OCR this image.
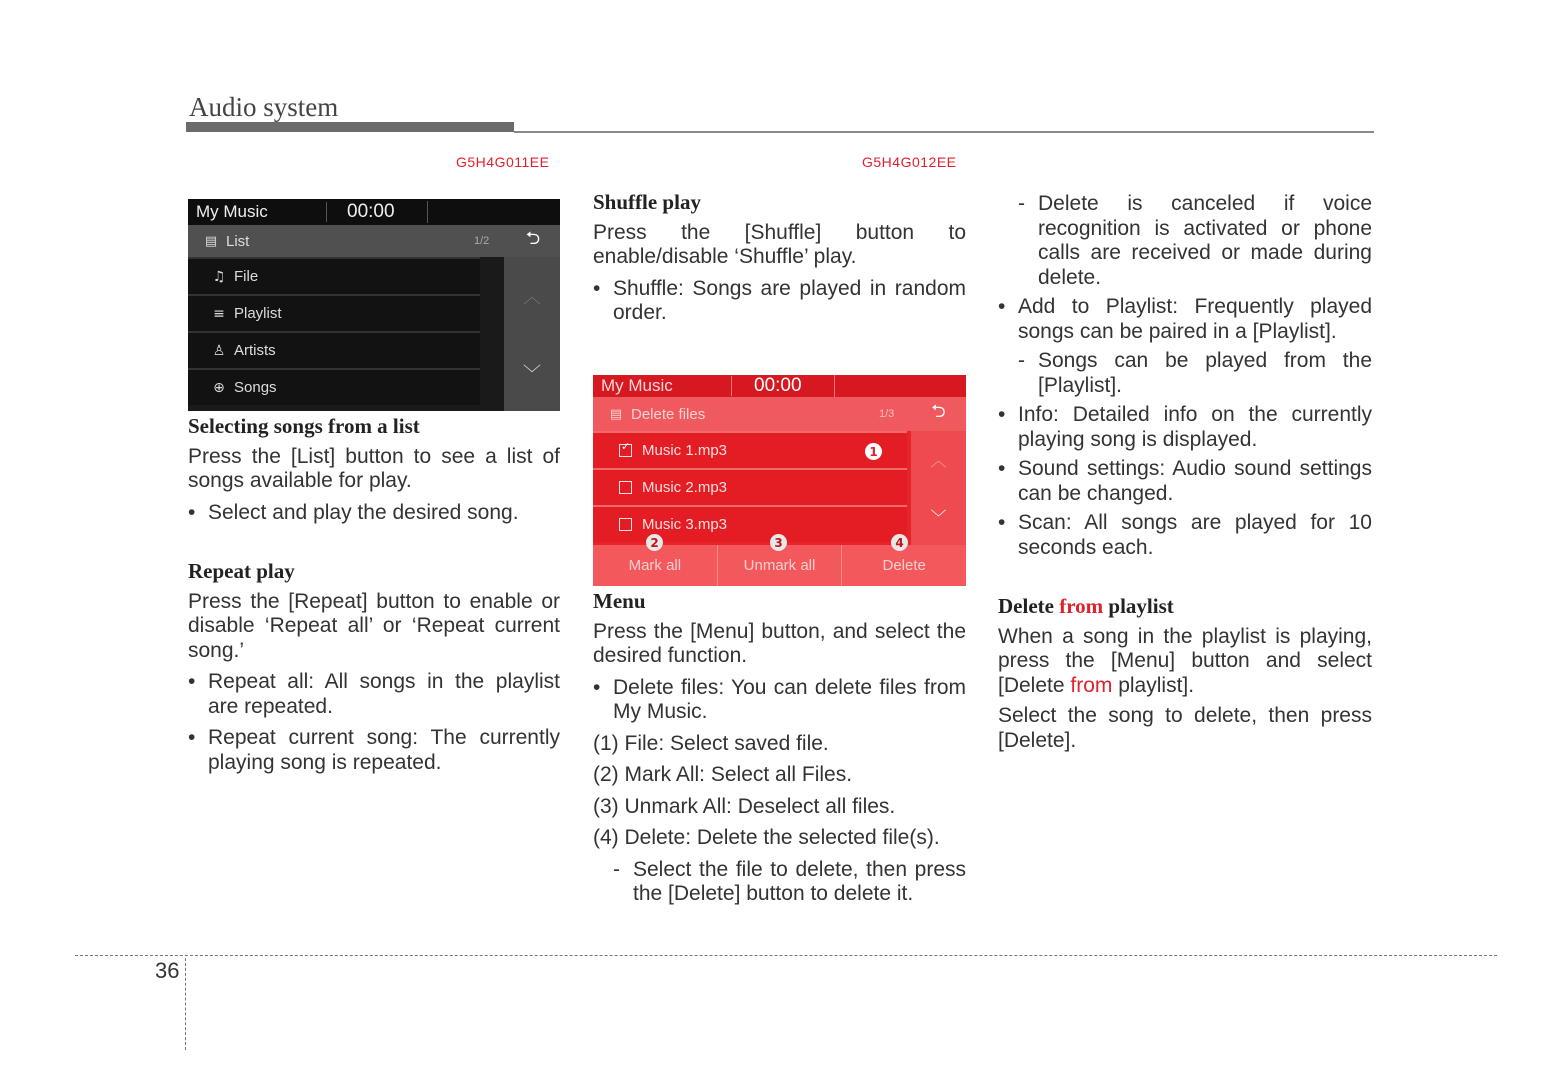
Audio system
G5H4G011EE	G5H4G012EE
My Music	00:00
▤ List	1/2	⮌
♫ File
≡ Playlist
♙ Artists
⊕ Songs
︿
﹀
My Music	00:00
▤ Delete files	1/3	⮌
✓ Music 1.mp3	1
Music 2.mp3
Music 3.mp3
︿
﹀
Mark all	Unmark all	Delete
2	3	4
Selecting songs from a list
Press the [List] button to see a list of songs available for play.
• Select and play the desired song.
Repeat play
Press the [Repeat] button to enable or disable ‘Repeat all’ or ‘Repeat current song.’
• Repeat all: All songs in the playlist are repeated.
• Repeat current song: The currently playing song is repeated.
Shuffle play
Press the [Shuffle] button to enable/disable ‘Shuffle’ play.
• Shuffle: Songs are played in random order.
Menu
Press the [Menu] button, and select the desired function.
• Delete files: You can delete files from My Music.
(1) File: Select saved file.
(2) Mark All: Select all Files.
(3) Unmark All: Deselect all files.
(4) Delete: Delete the selected file(s).
- Select the file to delete, then press the [Delete] button to delete it.
- Delete is canceled if voice recognition is activated or phone calls are received or made during delete.
• Add to Playlist: Frequently played songs can be paired in a [Playlist].
- Songs can be played from the [Playlist].
• Info: Detailed info on the currently playing song is displayed.
• Sound settings: Audio sound settings can be changed.
• Scan: All songs are played for 10 seconds each.
Delete from playlist
When a song in the playlist is playing, press the [Menu] button and select [Delete from playlist].
Select the song to delete, then press [Delete].
36
